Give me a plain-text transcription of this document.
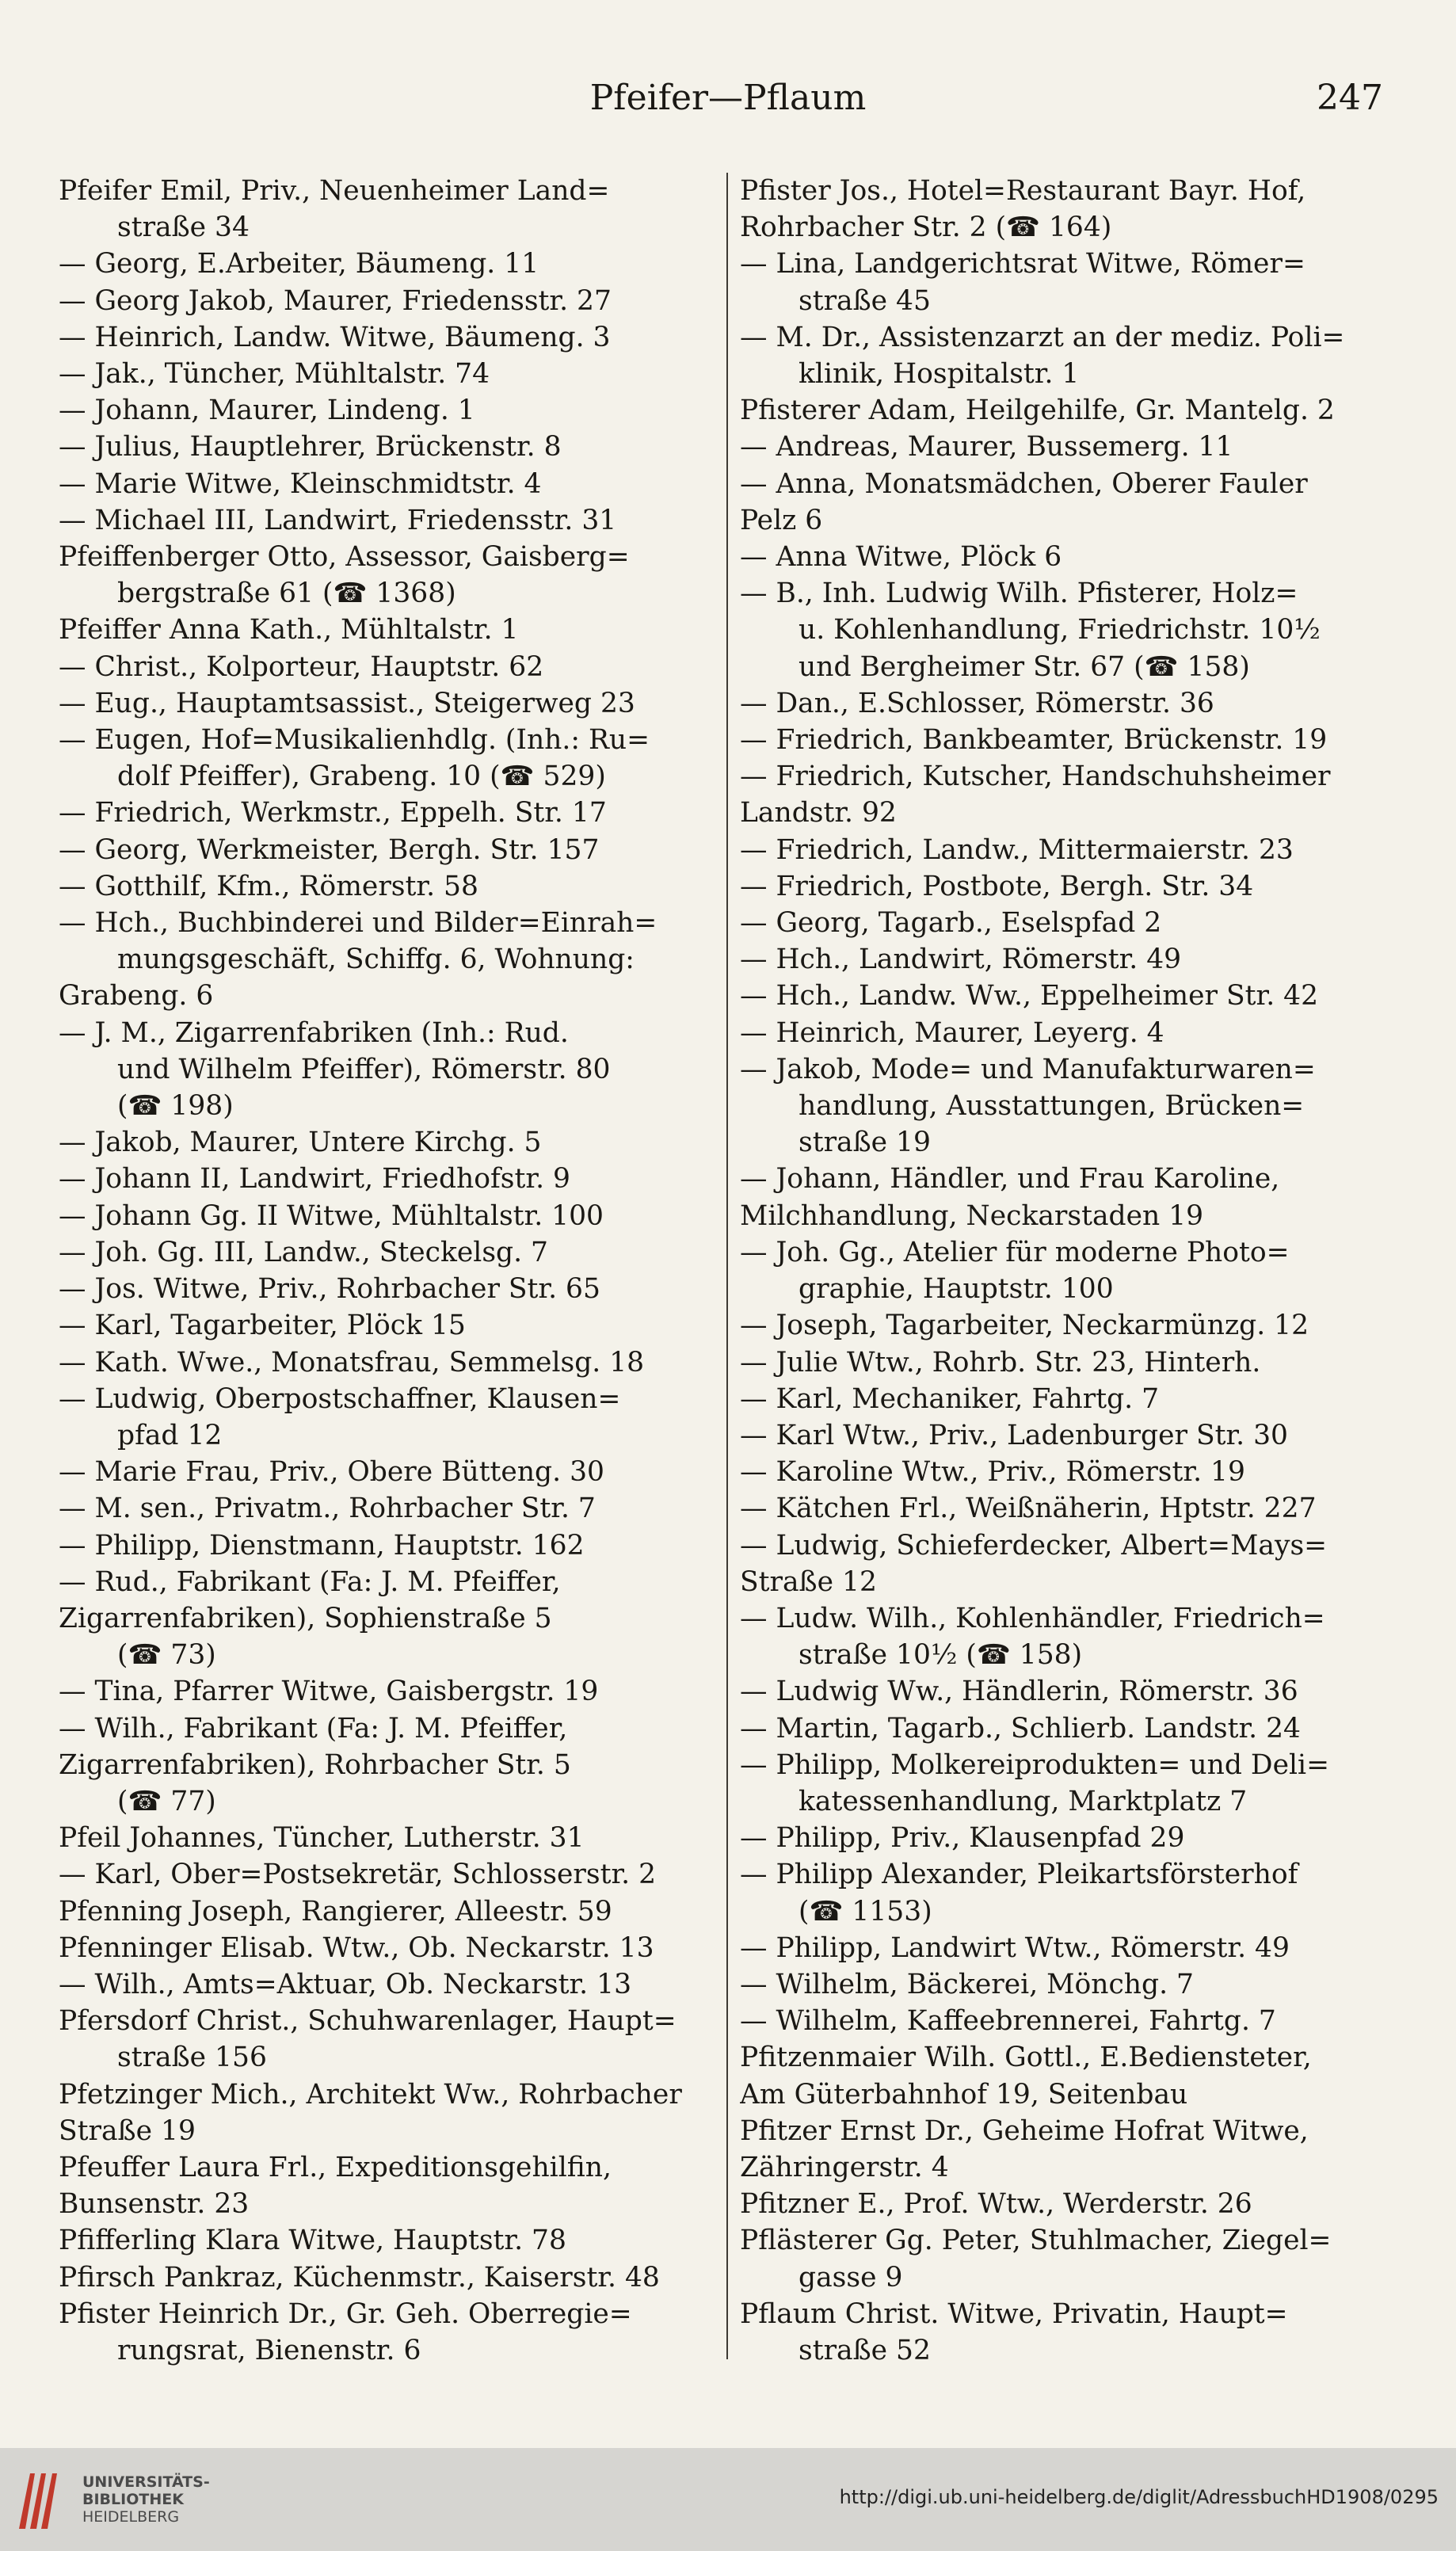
Pfeifer—Pflaum	247
Pfeifer Emil, Priv., Neuenheimer Land=
straße 34
— Georg, E.Arbeiter, Bäumeng. 11
— Georg Jakob, Maurer, Friedensstr. 27
— Heinrich, Landw. Witwe, Bäumeng. 3
— Jak., Tüncher, Mühltalstr. 74
— Johann, Maurer, Lindeng. 1
— Julius, Hauptlehrer, Brückenstr. 8
— Marie Witwe, Kleinschmidtstr. 4
— Michael III, Landwirt, Friedensstr. 31
Pfeiffenberger Otto, Assessor, Gaisberg=
bergstraße 61 (☎ 1368)
Pfeiffer Anna Kath., Mühltalstr. 1
— Christ., Kolporteur, Hauptstr. 62
— Eug., Hauptamtsassist., Steigerweg 23
— Eugen, Hof=Musikalienhdlg. (Inh.: Ru=
dolf Pfeiffer), Grabeng. 10 (☎ 529)
— Friedrich, Werkmstr., Eppelh. Str. 17
— Georg, Werkmeister, Bergh. Str. 157
— Gotthilf, Kfm., Römerstr. 58
— Hch., Buchbinderei und Bilder=Einrah=
mungsgeschäft, Schiffg. 6, Wohnung:
Grabeng. 6
— J. M., Zigarrenfabriken (Inh.: Rud.
und Wilhelm Pfeiffer), Römerstr. 80
(☎ 198)
— Jakob, Maurer, Untere Kirchg. 5
— Johann II, Landwirt, Friedhofstr. 9
— Johann Gg. II Witwe, Mühltalstr. 100
— Joh. Gg. III, Landw., Steckelsg. 7
— Jos. Witwe, Priv., Rohrbacher Str. 65
— Karl, Tagarbeiter, Plöck 15
— Kath. Wwe., Monatsfrau, Semmelsg. 18
— Ludwig, Oberpostschaffner, Klausen=
pfad 12
— Marie Frau, Priv., Obere Bütteng. 30
— M. sen., Privatm., Rohrbacher Str. 7
— Philipp, Dienstmann, Hauptstr. 162
— Rud., Fabrikant (Fa: J. M. Pfeiffer,
Zigarrenfabriken), Sophienstraße 5
(☎ 73)
— Tina, Pfarrer Witwe, Gaisbergstr. 19
— Wilh., Fabrikant (Fa: J. M. Pfeiffer,
Zigarrenfabriken), Rohrbacher Str. 5
(☎ 77)
Pfeil Johannes, Tüncher, Lutherstr. 31
— Karl, Ober=Postsekretär, Schlosserstr. 2
Pfenning Joseph, Rangierer, Alleestr. 59
Pfenninger Elisab. Wtw., Ob. Neckarstr. 13
— Wilh., Amts=Aktuar, Ob. Neckarstr. 13
Pfersdorf Christ., Schuhwarenlager, Haupt=
straße 156
Pfetzinger Mich., Architekt Ww., Rohrbacher
Straße 19
Pfeuffer Laura Frl., Expeditionsgehilfin,
Bunsenstr. 23
Pfifferling Klara Witwe, Hauptstr. 78
Pfirsch Pankraz, Küchenmstr., Kaiserstr. 48
Pfister Heinrich Dr., Gr. Geh. Oberregie=
rungsrat, Bienenstr. 6
Pfister Jos., Hotel=Restaurant Bayr. Hof,
Rohrbacher Str. 2 (☎ 164)
— Lina, Landgerichtsrat Witwe, Römer=
straße 45
— M. Dr., Assistenzarzt an der mediz. Poli=
klinik, Hospitalstr. 1
Pfisterer Adam, Heilgehilfe, Gr. Mantelg. 2
— Andreas, Maurer, Bussemerg. 11
— Anna, Monatsmädchen, Oberer Fauler
Pelz 6
— Anna Witwe, Plöck 6
— B., Inh. Ludwig Wilh. Pfisterer, Holz=
u. Kohlenhandlung, Friedrichstr. 10½
und Bergheimer Str. 67 (☎ 158)
— Dan., E.Schlosser, Römerstr. 36
— Friedrich, Bankbeamter, Brückenstr. 19
— Friedrich, Kutscher, Handschuhsheimer
Landstr. 92
— Friedrich, Landw., Mittermaierstr. 23
— Friedrich, Postbote, Bergh. Str. 34
— Georg, Tagarb., Eselspfad 2
— Hch., Landwirt, Römerstr. 49
— Hch., Landw. Ww., Eppelheimer Str. 42
— Heinrich, Maurer, Leyerg. 4
— Jakob, Mode= und Manufakturwaren=
handlung, Ausstattungen, Brücken=
straße 19
— Johann, Händler, und Frau Karoline,
Milchhandlung, Neckarstaden 19
— Joh. Gg., Atelier für moderne Photo=
graphie, Hauptstr. 100
— Joseph, Tagarbeiter, Neckarmünzg. 12
— Julie Wtw., Rohrb. Str. 23, Hinterh.
— Karl, Mechaniker, Fahrtg. 7
— Karl Wtw., Priv., Ladenburger Str. 30
— Karoline Wtw., Priv., Römerstr. 19
— Kätchen Frl., Weißnäherin, Hptstr. 227
— Ludwig, Schieferdecker, Albert=Mays=
Straße 12
— Ludw. Wilh., Kohlenhändler, Friedrich=
straße 10½ (☎ 158)
— Ludwig Ww., Händlerin, Römerstr. 36
— Martin, Tagarb., Schlierb. Landstr. 24
— Philipp, Molkereiprodukten= und Deli=
katessenhandlung, Marktplatz 7
— Philipp, Priv., Klausenpfad 29
— Philipp Alexander, Pleikartsförsterhof
(☎ 1153)
— Philipp, Landwirt Wtw., Römerstr. 49
— Wilhelm, Bäckerei, Mönchg. 7
— Wilhelm, Kaffeebrennerei, Fahrtg. 7
Pfitzenmaier Wilh. Gottl., E.Bediensteter,
Am Güterbahnhof 19, Seitenbau
Pfitzer Ernst Dr., Geheime Hofrat Witwe,
Zähringerstr. 4
Pfitzner E., Prof. Wtw., Werderstr. 26
Pflästerer Gg. Peter, Stuhlmacher, Ziegel=
gasse 9
Pflaum Christ. Witwe, Privatin, Haupt=
straße 52
UNIVERSITÄTS-
BIBLIOTHEK
HEIDELBERG
http://digi.ub.uni-heidelberg.de/diglit/AdressbuchHD1908/0295
